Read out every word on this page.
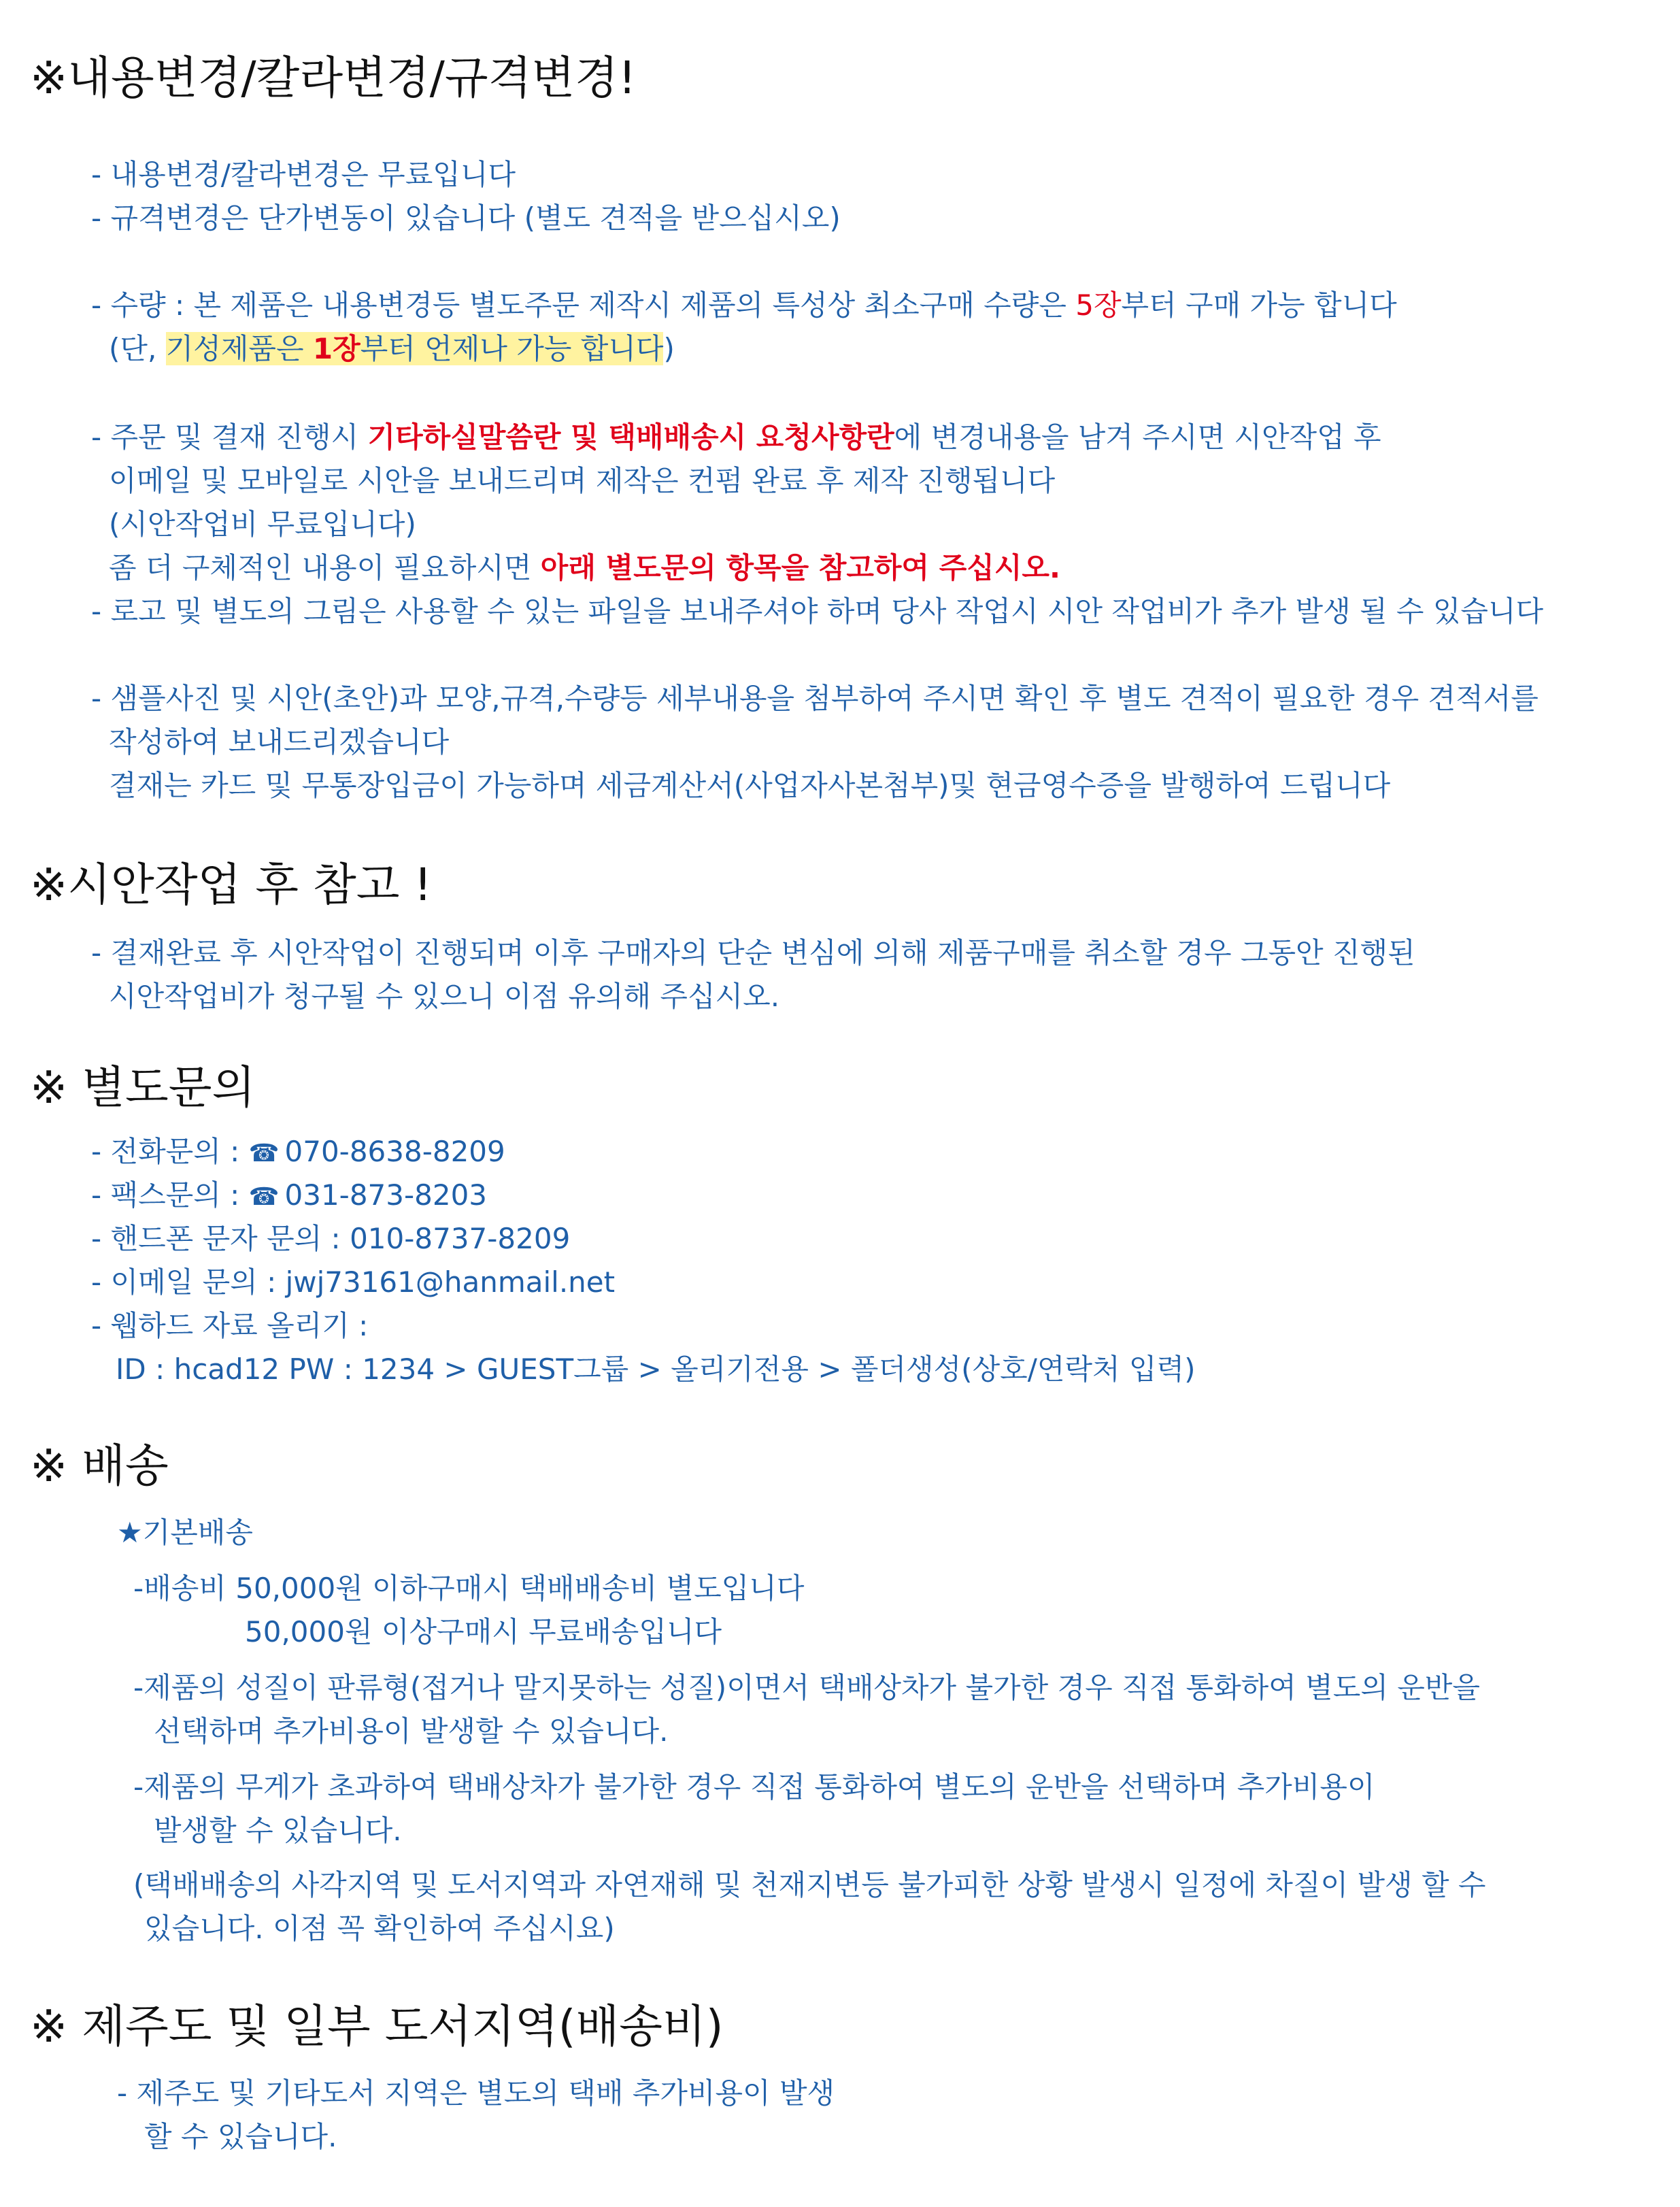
※내용변경/칼라변경/규격변경!
- 내용변경/칼라변경은 무료입니다
- 규격변경은 단가변동이 있습니다 (별도 견적을 받으십시오)
- 수량 : 본 제품은 내용변경등 별도주문 제작시 제품의 특성상 최소구매 수량은 5장부터 구매 가능 합니다
(단, 기성제품은 1장부터 언제나 가능 합니다)
- 주문 및 결재 진행시 기타하실말씀란 및 택배배송시 요청사항란에 변경내용을 남겨 주시면 시안작업 후
이메일 및 모바일로 시안을 보내드리며 제작은 컨펌 완료 후 제작 진행됩니다
(시안작업비 무료입니다)
좀 더 구체적인 내용이 필요하시면 아래 별도문의 항목을 참고하여 주십시오.
- 로고 및 별도의 그림은 사용할 수 있는 파일을 보내주셔야 하며 당사 작업시 시안 작업비가 추가 발생 될 수 있습니다
- 샘플사진 및 시안(초안)과 모양,규격,수량등 세부내용을 첨부하여 주시면 확인 후 별도 견적이 필요한 경우 견적서를
작성하여 보내드리겠습니다
결재는 카드 및 무통장입금이 가능하며 세금계산서(사업자사본첨부)및 현금영수증을 발행하여 드립니다
※시안작업 후 참고 !
- 결재완료 후 시안작업이 진행되며 이후 구매자의 단순 변심에 의해 제품구매를 취소할 경우 그동안 진행된
시안작업비가 청구될 수 있으니 이점 유의해 주십시오.
※ 별도문의
- 전화문의 : ☎ 070-8638-8209
- 팩스문의 : ☎ 031-873-8203
- 핸드폰 문자 문의 : 010-8737-8209
- 이메일 문의 : jwj73161@hanmail.net
- 웹하드 자료 올리기 :
ID : hcad12 PW : 1234 > GUEST그룹 > 올리기전용 > 폴더생성(상호/연락처 입력)
※ 배송
★기본배송
-배송비 50,000원 이하구매시 택배배송비 별도입니다
50,000원 이상구매시 무료배송입니다
-제품의 성질이 판류형(접거나 말지못하는 성질)이면서 택배상차가 불가한 경우 직접 통화하여 별도의 운반을
선택하며 추가비용이 발생할 수 있습니다.
-제품의 무게가 초과하여 택배상차가 불가한 경우 직접 통화하여 별도의 운반을 선택하며 추가비용이
발생할 수 있습니다.
(택배배송의 사각지역 및 도서지역과 자연재해 및 천재지변등 불가피한 상황 발생시 일정에 차질이 발생 할 수
있습니다. 이점 꼭 확인하여 주십시요)
※ 제주도 및 일부 도서지역(배송비)
- 제주도 및 기타도서 지역은 별도의 택배 추가비용이 발생
할 수 있습니다.
